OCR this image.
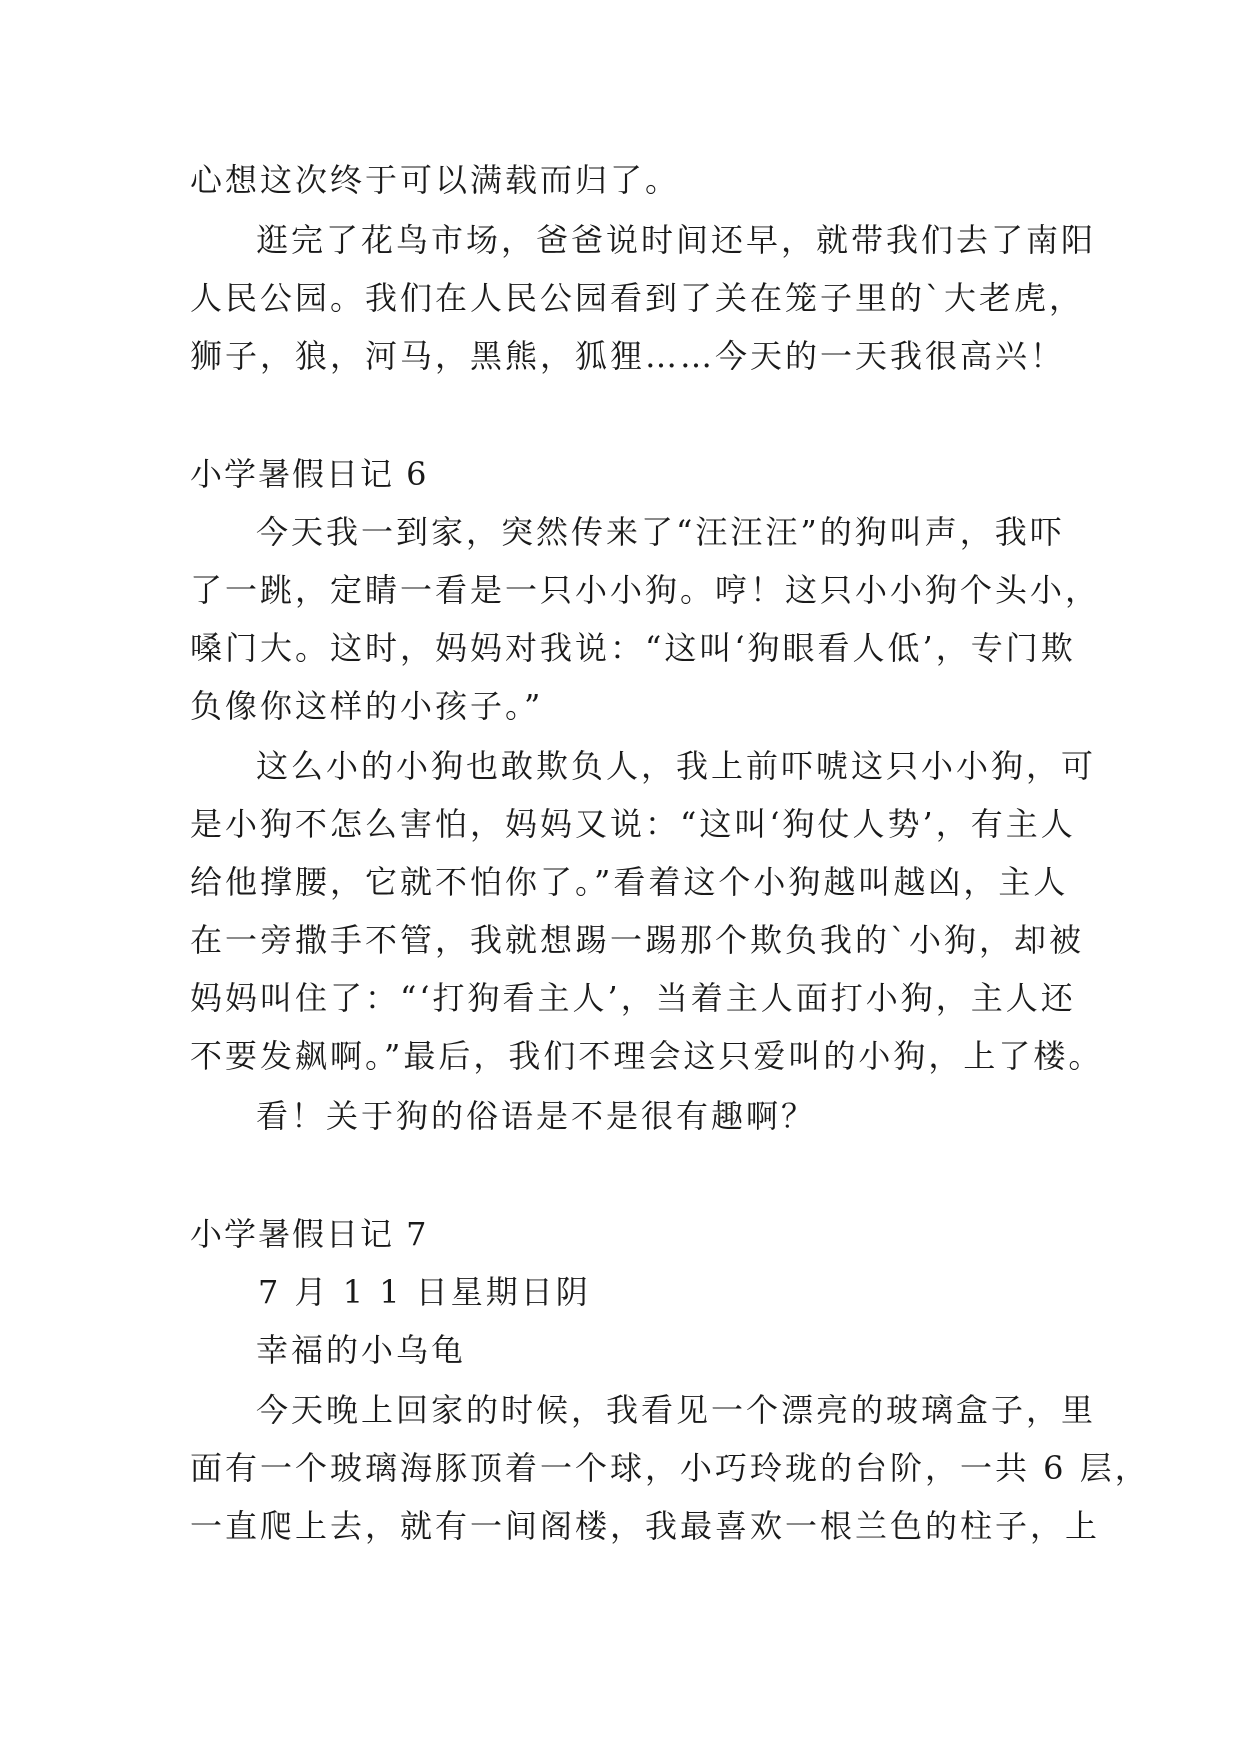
心想这次终于可以满载而归了。
逛完了花鸟市场，爸爸说时间还早，就带我们去了南阳
人民公园。我们在人民公园看到了关在笼子里的`大老虎，
狮子，狼，河马，黑熊，狐狸……今天的一天我很高兴！
小学暑假日记 6
今天我一到家，突然传来了“汪汪汪”的狗叫声，我吓
了一跳，定睛一看是一只小小狗。哼！这只小小狗个头小，
嗓门大。这时，妈妈对我说：“这叫‘狗眼看人低’，专门欺
负像你这样的小孩子。”
这么小的小狗也敢欺负人，我上前吓唬这只小小狗，可
是小狗不怎么害怕，妈妈又说：“这叫‘狗仗人势’，有主人
给他撑腰，它就不怕你了。”看着这个小狗越叫越凶，主人
在一旁撒手不管，我就想踢一踢那个欺负我的`小狗，却被
妈妈叫住了：“‘打狗看主人’，当着主人面打小狗，主人还
不要发飙啊。”最后，我们不理会这只爱叫的小狗，上了楼。
看！关于狗的俗语是不是很有趣啊？
小学暑假日记 7
7 月 1 1 日星期日阴
幸福的小乌龟
今天晚上回家的时候，我看见一个漂亮的玻璃盒子，里
面有一个玻璃海豚顶着一个球，小巧玲珑的台阶，一共 6 层，
一直爬上去，就有一间阁楼，我最喜欢一根兰色的柱子，上
